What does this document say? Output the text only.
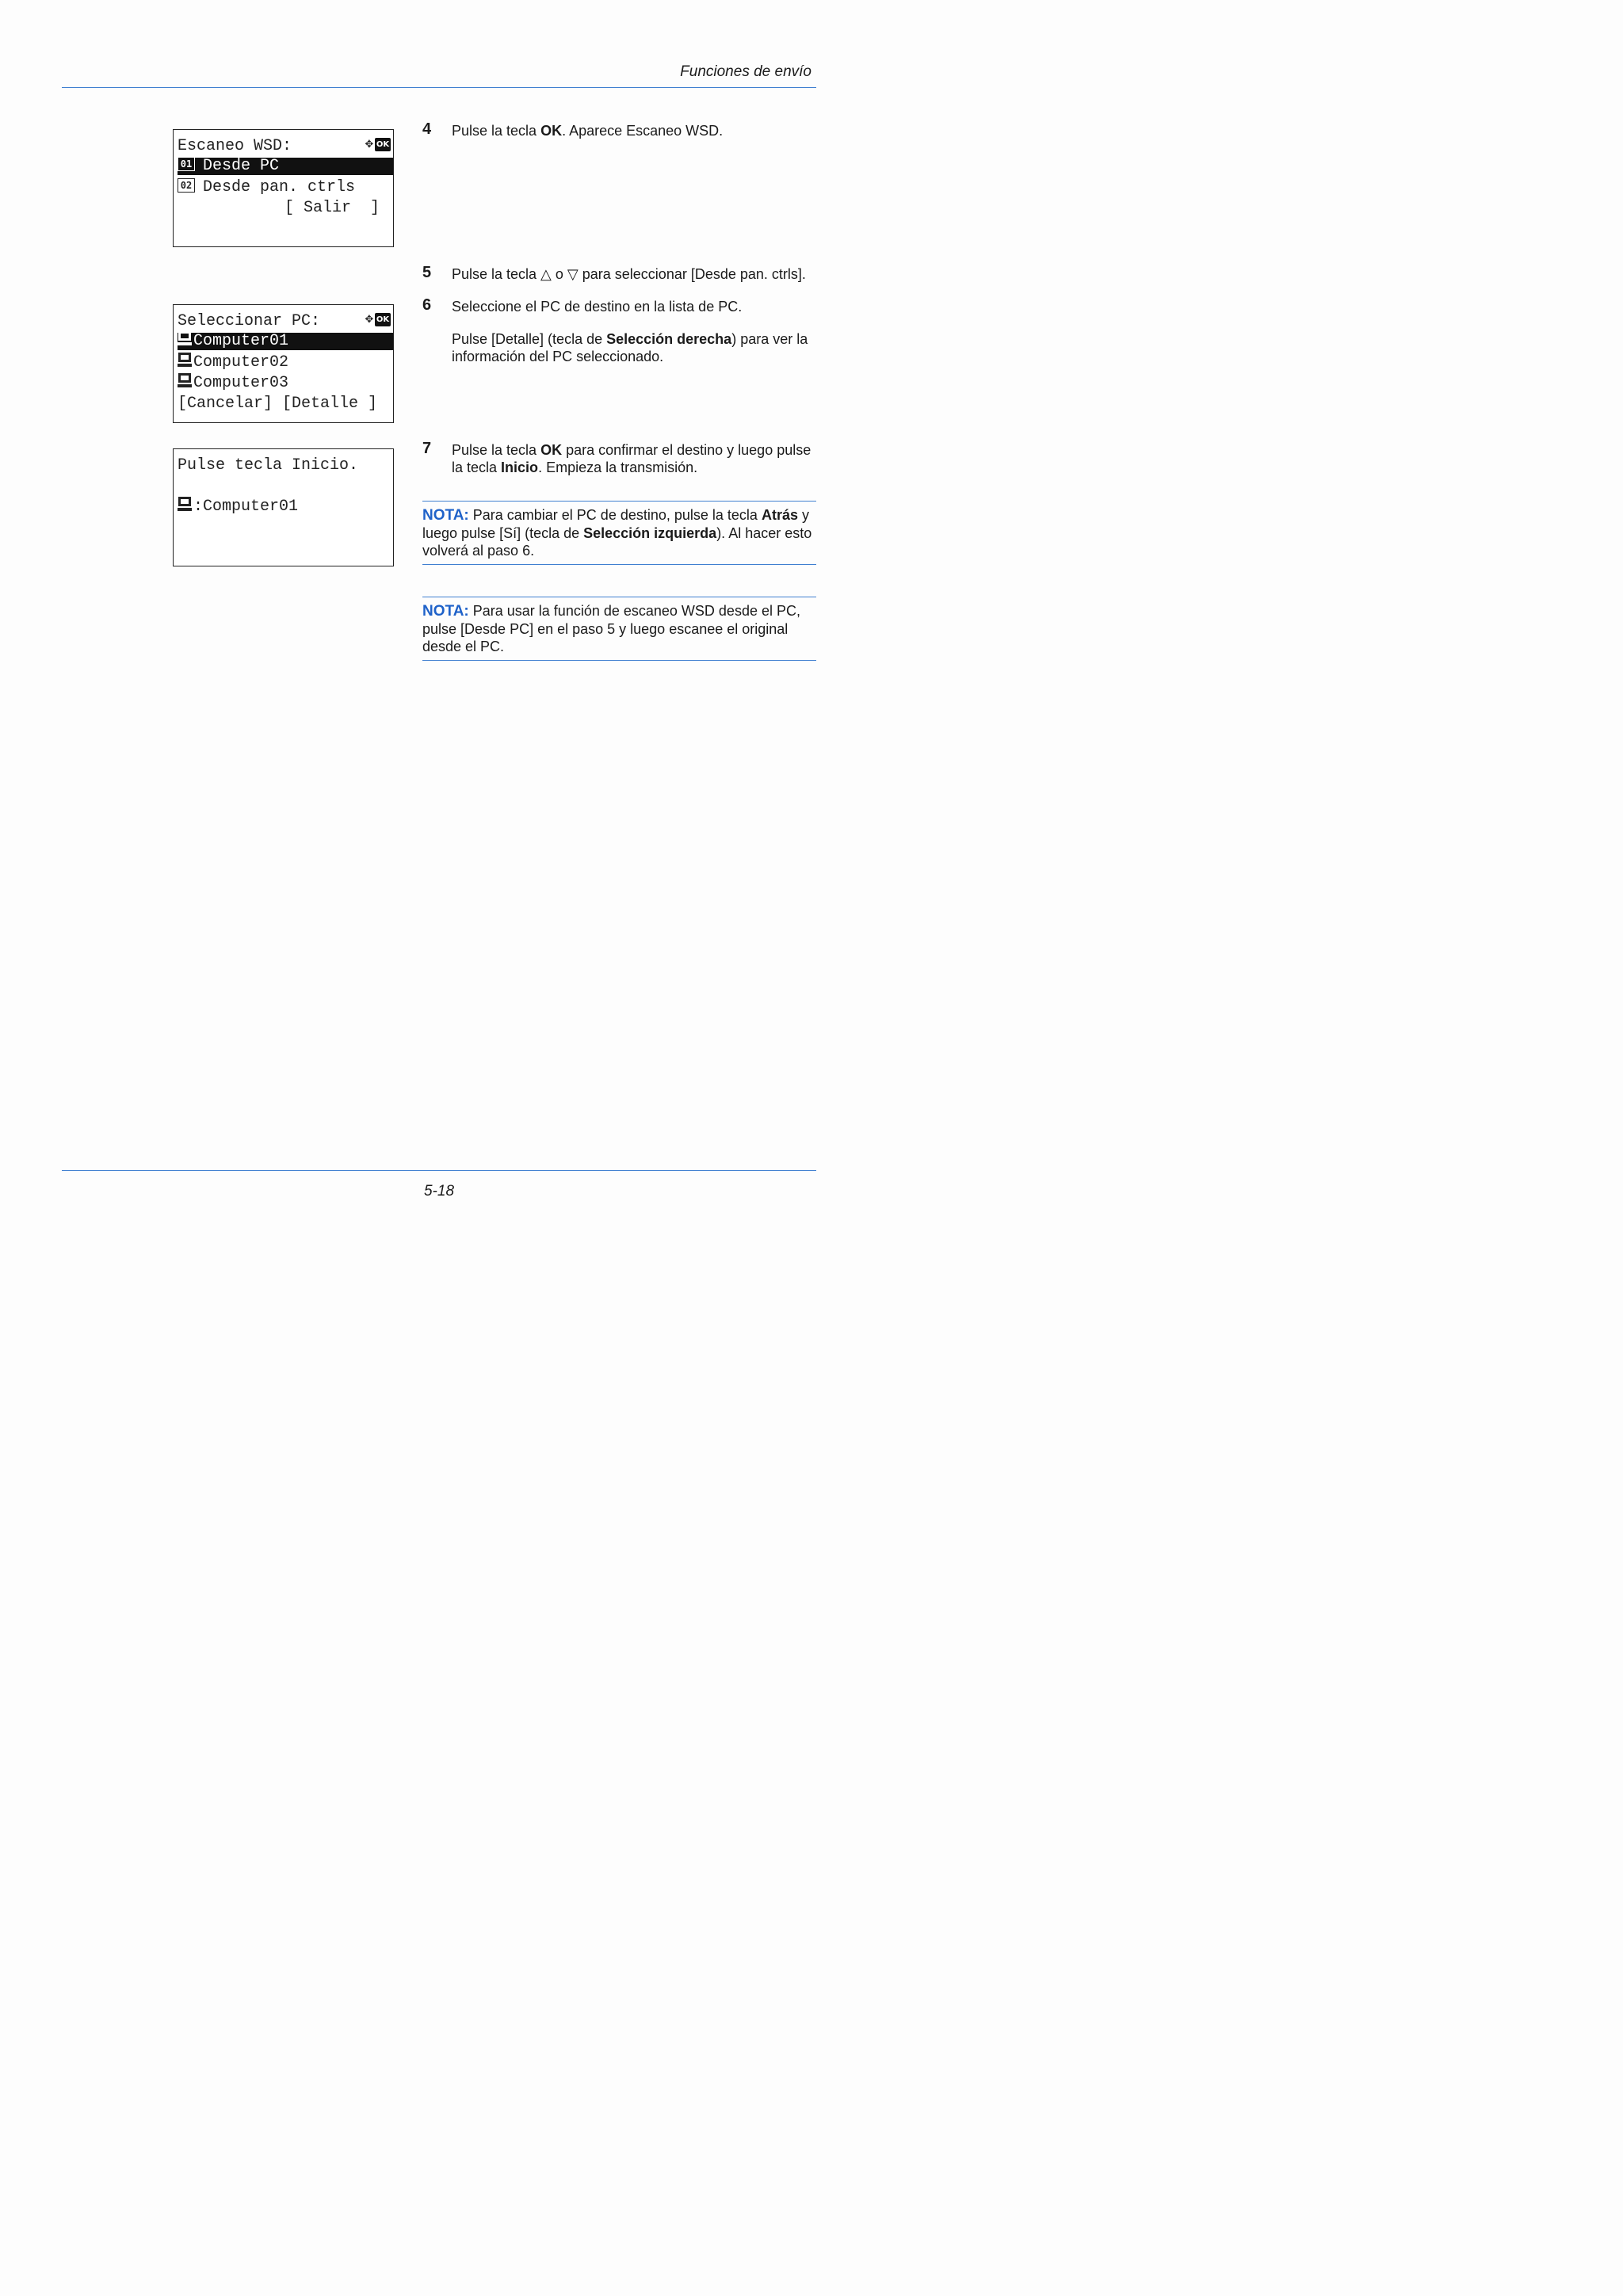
Funciones de envío
Escaneo WSD:	✥ OK
01 Desde PC
02 Desde pan. ctrls
[ Salir  ]
Seleccionar PC:	✥ OK
Computer01
Computer02
Computer03
[Cancelar] [Detalle ]
Pulse tecla Inicio.
:Computer01
4 Pulse la tecla OK. Aparece Escaneo WSD.
5 Pulse la tecla △ o ▽ para seleccionar [Desde pan. ctrls].
6 Seleccione el PC de destino en la lista de PC.
Pulse [Detalle] (tecla de Selección derecha) para ver la información del PC seleccionado.
7 Pulse la tecla OK para confirmar el destino y luego pulse la tecla Inicio. Empieza la transmisión.
NOTA: Para cambiar el PC de destino, pulse la tecla Atrás y luego pulse [Sí] (tecla de Selección izquierda). Al hacer esto volverá al paso 6.
NOTA: Para usar la función de escaneo WSD desde el PC, pulse [Desde PC] en el paso 5 y luego escanee el original desde el PC.
5-18
